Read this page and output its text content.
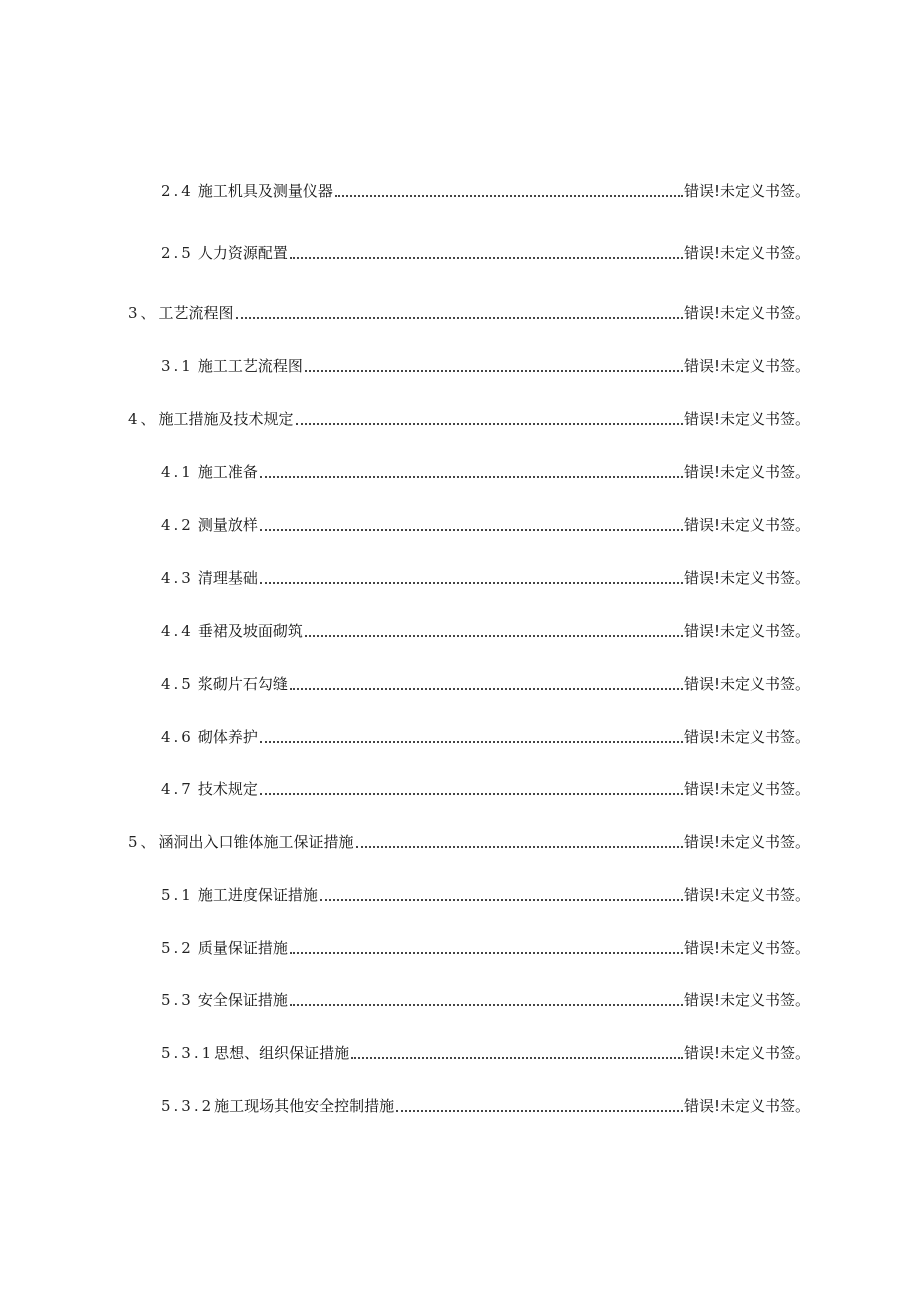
2.4 施工机具及测量仪器	错误!未定义书签。
2.5 人力资源配置	错误!未定义书签。
3、 工艺流程图	错误!未定义书签。
3.1 施工工艺流程图	错误!未定义书签。
4、 施工措施及技术规定	错误!未定义书签。
4.1 施工准备	错误!未定义书签。
4.2 测量放样	错误!未定义书签。
4.3 清理基础	错误!未定义书签。
4.4 垂裙及坡面砌筑	错误!未定义书签。
4.5 浆砌片石勾缝	错误!未定义书签。
4.6 砌体养护	错误!未定义书签。
4.7 技术规定	错误!未定义书签。
5、 涵洞出入口锥体施工保证措施	错误!未定义书签。
5.1 施工进度保证措施	错误!未定义书签。
5.2 质量保证措施	错误!未定义书签。
5.3 安全保证措施	错误!未定义书签。
5.3.1 思想、组织保证措施	错误!未定义书签。
5.3.2 施工现场其他安全控制措施	错误!未定义书签。
